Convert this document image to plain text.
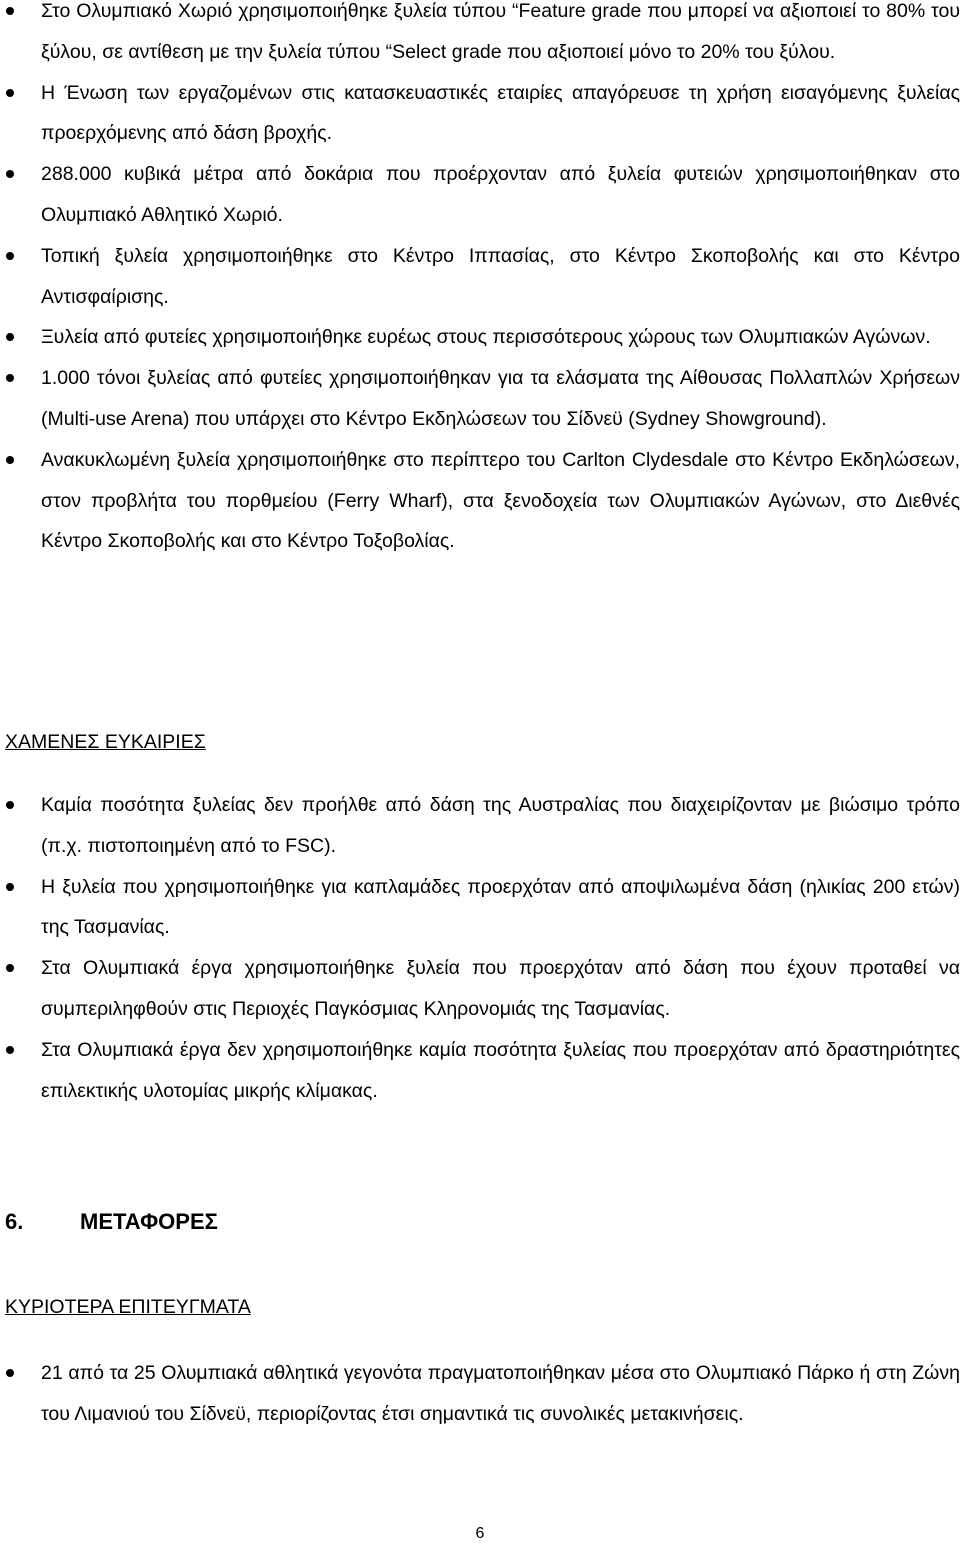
Στο Ολυμπιακό Χωριό χρησιμοποιήθηκε ξυλεία τύπου “Feature grade που μπορεί να αξιοποιεί το 80% του ξύλου, σε αντίθεση με την ξυλεία τύπου “Select grade που αξιοποιεί μόνο το 20% του ξύλου.
Η Ένωση των εργαζομένων στις κατασκευαστικές εταιρίες απαγόρευσε τη χρήση εισαγόμενης ξυλείας προερχόμενης από δάση βροχής.
288.000 κυβικά μέτρα από δοκάρια που προέρχονταν από ξυλεία φυτειών χρησιμοποιήθηκαν στο Ολυμπιακό Αθλητικό Χωριό.
Τοπική ξυλεία χρησιμοποιήθηκε στο Κέντρο Ιππασίας, στο Κέντρο Σκοποβολής και στο Κέντρο Αντισφαίρισης.
Ξυλεία από φυτείες χρησιμοποιήθηκε ευρέως στους περισσότερους χώρους των Ολυμπιακών Αγώνων.
1.000 τόνοι ξυλείας από φυτείες χρησιμοποιήθηκαν για τα ελάσματα της Αίθουσας Πολλαπλών Χρήσεων (Multi-use Arena) που υπάρχει στο Κέντρο Εκδηλώσεων του Σίδνεϋ (Sydney Showground).
Ανακυκλωμένη ξυλεία χρησιμοποιήθηκε στο περίπτερο του Carlton Clydesdale στο Κέντρο Εκδηλώσεων, στον προβλήτα του πορθμείου (Ferry Wharf), στα ξενοδοχεία των Ολυμπιακών Αγώνων, στο Διεθνές Κέντρο Σκοποβολής και στο Κέντρο Τοξοβολίας.
ΧΑΜΕΝΕΣ ΕΥΚΑΙΡΙΕΣ
Καμία ποσότητα ξυλείας δεν προήλθε από δάση της Αυστραλίας που διαχειρίζονταν με βιώσιμο τρόπο (π.χ. πιστοποιημένη από το FSC).
Η ξυλεία που χρησιμοποιήθηκε για καπλαμάδες προερχόταν από αποψιλωμένα δάση (ηλικίας 200 ετών) της Τασμανίας.
Στα Ολυμπιακά έργα χρησιμοποιήθηκε ξυλεία που προερχόταν από δάση που έχουν προταθεί να συμπεριληφθούν στις Περιοχές Παγκόσμιας Κληρονομιάς της Τασμανίας.
Στα Ολυμπιακά έργα δεν χρησιμοποιήθηκε καμία ποσότητα ξυλείας που προερχόταν από δραστηριότητες επιλεκτικής υλοτομίας μικρής κλίμακας.
6.	ΜΕΤΑΦΟΡΕΣ
ΚΥΡΙΟΤΕΡΑ ΕΠΙΤΕΥΓΜΑΤΑ
21 από τα 25 Ολυμπιακά αθλητικά γεγονότα πραγματοποιήθηκαν μέσα στο Ολυμπιακό Πάρκο ή στη Ζώνη του Λιμανιού του Σίδνεϋ, περιορίζοντας έτσι σημαντικά τις συνολικές μετακινήσεις.
6
